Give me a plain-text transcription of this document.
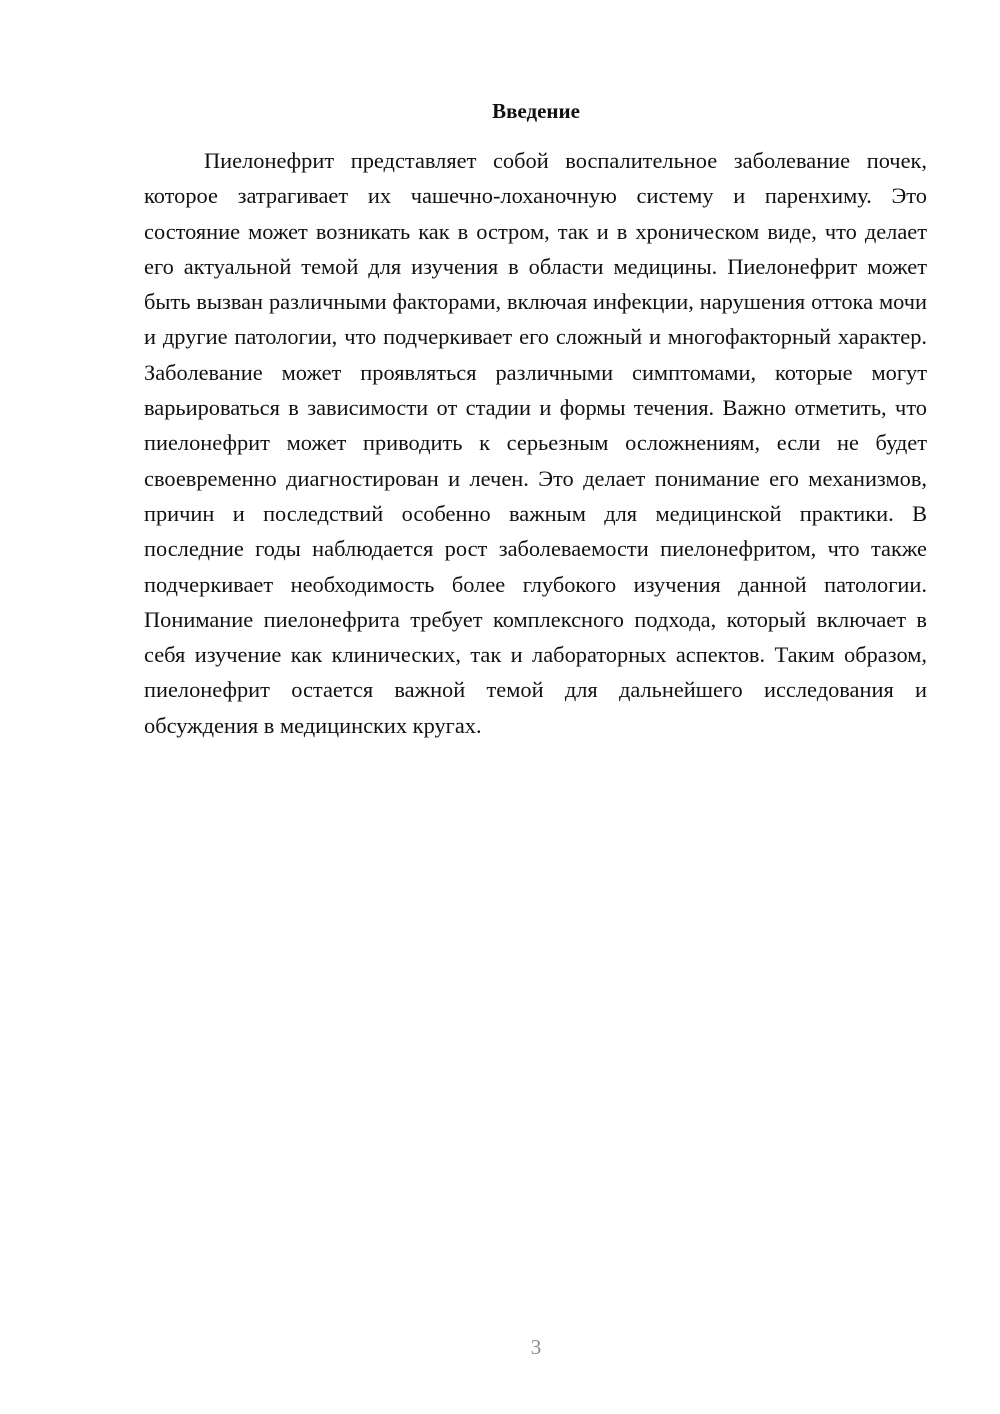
Введение

Пиелонефрит представляет собой воспалительное заболевание почек, которое затрагивает их чашечно-лоханочную систему и паренхиму. Это состояние может возникать как в остром, так и в хроническом виде, что делает его актуальной темой для изучения в области медицины. Пиелонефрит может быть вызван различными факторами, включая инфекции, нарушения оттока мочи и другие патологии, что подчеркивает его сложный и многофакторный характер. Заболевание может проявляться различными симптомами, которые могут варьироваться в зависимости от стадии и формы течения. Важно отметить, что пиелонефрит может приводить к серьезным осложнениям, если не будет своевременно диагностирован и лечен. Это делает понимание его механизмов, причин и последствий особенно важным для медицинской практики. В последние годы наблюдается рост заболеваемости пиелонефритом, что также подчеркивает необходимость более глубокого изучения данной патологии. Понимание пиелонефрита требует комплексного подхода, который включает в себя изучение как клинических, так и лабораторных аспектов. Таким образом, пиелонефрит остается важной темой для дальнейшего исследования и обсуждения в медицинских кругах.

3
